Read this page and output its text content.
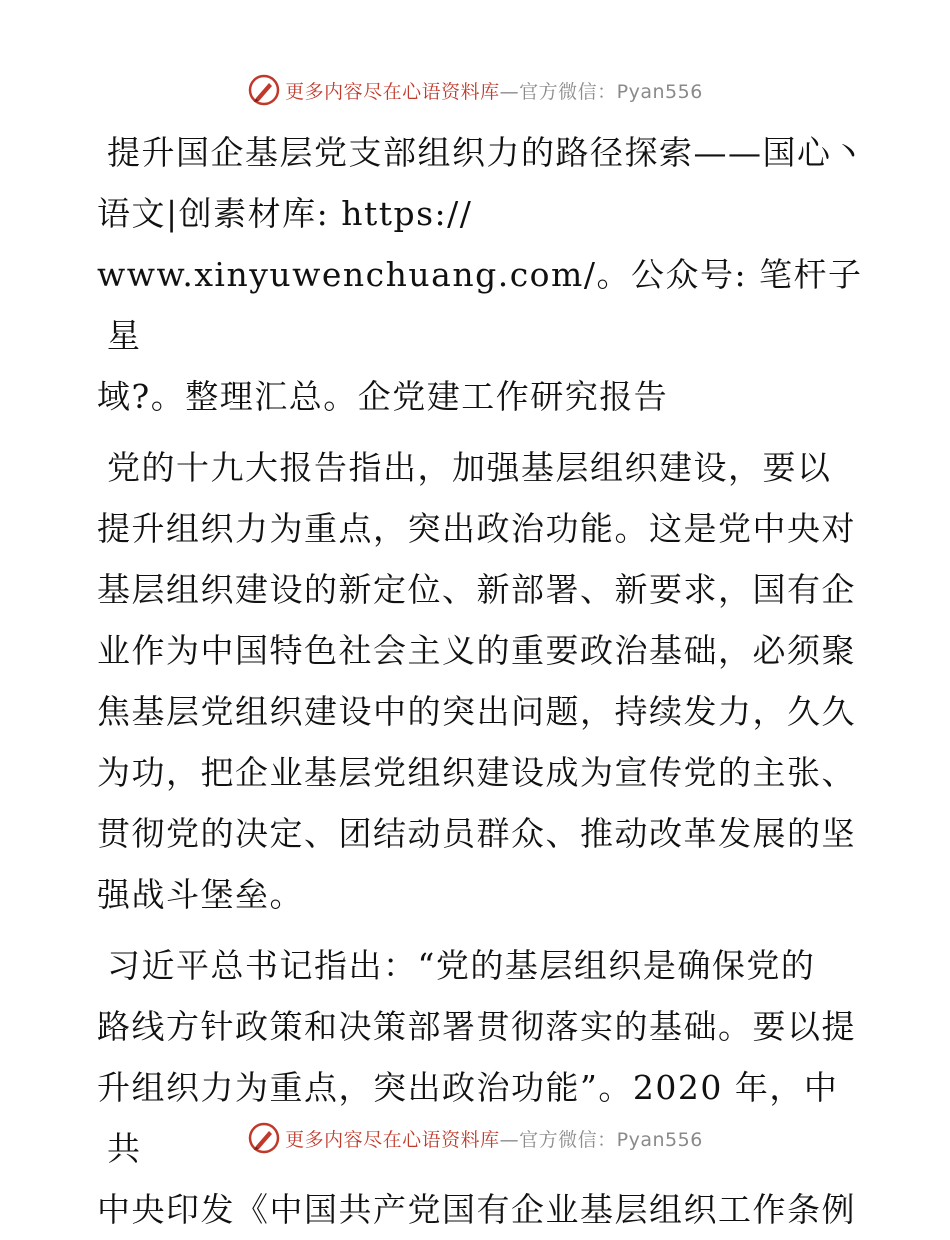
更多内容尽在心语资料库—官方微信：Pyan556

提升国企基层党支部组织力的路径探索——国心丶
语文|创素材库: https://
www.xinyuwenchuang.com/。公众号: 笔杆子星
域?。整理汇总。企党建工作研究报告

党的十九大报告指出，加强基层组织建设，要以
提升组织力为重点，突出政治功能。这是党中央对
基层组织建设的新定位、新部署、新要求，国有企
业作为中国特色社会主义的重要政治基础，必须聚
焦基层党组织建设中的突出问题，持续发力，久久
为功，把企业基层党组织建设成为宣传党的主张、
贯彻党的决定、团结动员群众、推动改革发展的坚
强战斗堡垒。

习近平总书记指出：“党的基层组织是确保党的
路线方针政策和决策部署贯彻落实的基础。要以提
升组织力为重点，突出政治功能”。2020 年，中共
中央印发《中国共产党国有企业基层组织工作条例

更多内容尽在心语资料库—官方微信：Pyan556
